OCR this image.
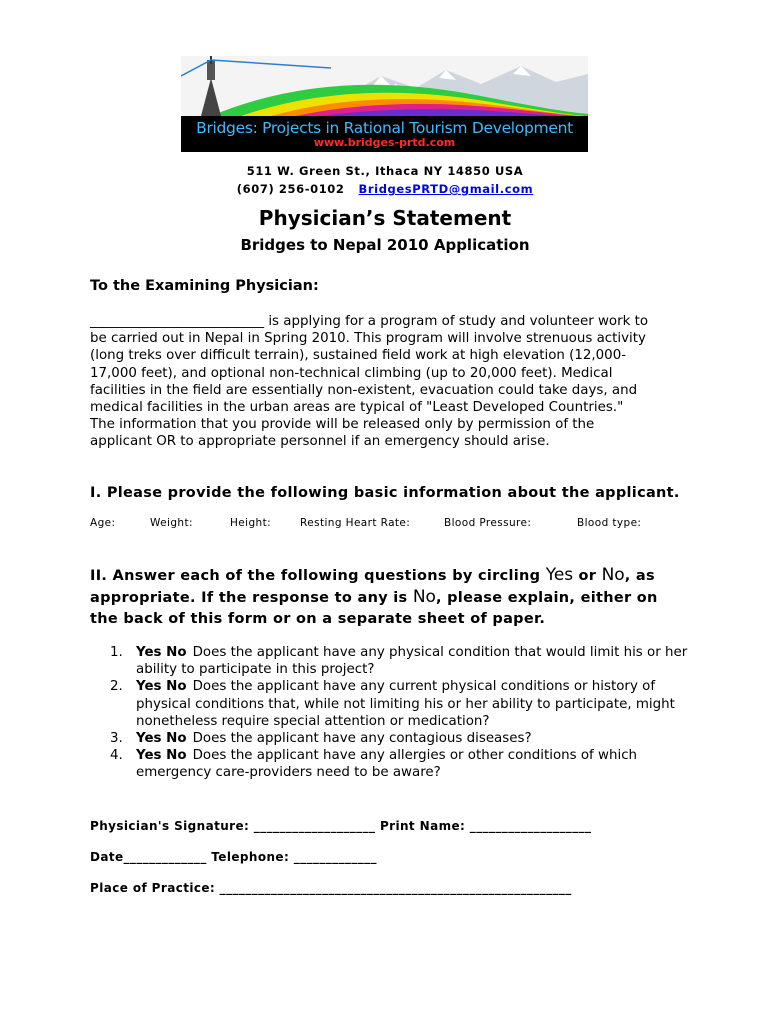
Bridges: Projects in Rational Tourism Development
www.bridges-prtd.com
511 W. Green St., Ithaca NY 14850 USA
(607) 256-0102 BridgesPRTD@gmail.com
Physician’s Statement
Bridges to Nepal 2010 Application
To the Examining Physician:

__________________________ is applying for a program of study and volunteer work to be carried out in Nepal in Spring 2010. This program will involve strenuous activity (long treks over difficult terrain), sustained field work at high elevation (12,000-17,000 feet), and optional non-technical climbing (up to 20,000 feet). Medical facilities in the field are essentially non-existent, evacuation could take days, and medical facilities in the urban areas are typical of "Least Developed Countries."

The information that you provide will be released only by permission of the applicant OR to appropriate personnel if an emergency should arise.

I. Please provide the following basic information about the applicant.
Age:	Weight:	Height:	Resting Heart Rate:	Blood Pressure:	Blood type:
II. Answer each of the following questions by circling Yes or No, as appropriate. If the response to any is No, please explain, either on the back of this form or on a separate sheet of paper.

1. Yes No Does the applicant have any physical condition that would limit his or her ability to participate in this project?

2. Yes No Does the applicant have any current physical conditions or history of physical conditions that, while not limiting his or her ability to participate, might nonetheless require special attention or medication?

3. Yes No Does the applicant have any contagious diseases?

4. Yes No Does the applicant have any allergies or other conditions of which emergency care-providers need to be aware?

Physician's Signature: ___________________ Print Name: ___________________
Date_____________ Telephone: _____________
Place of Practice: _______________________________________________________
